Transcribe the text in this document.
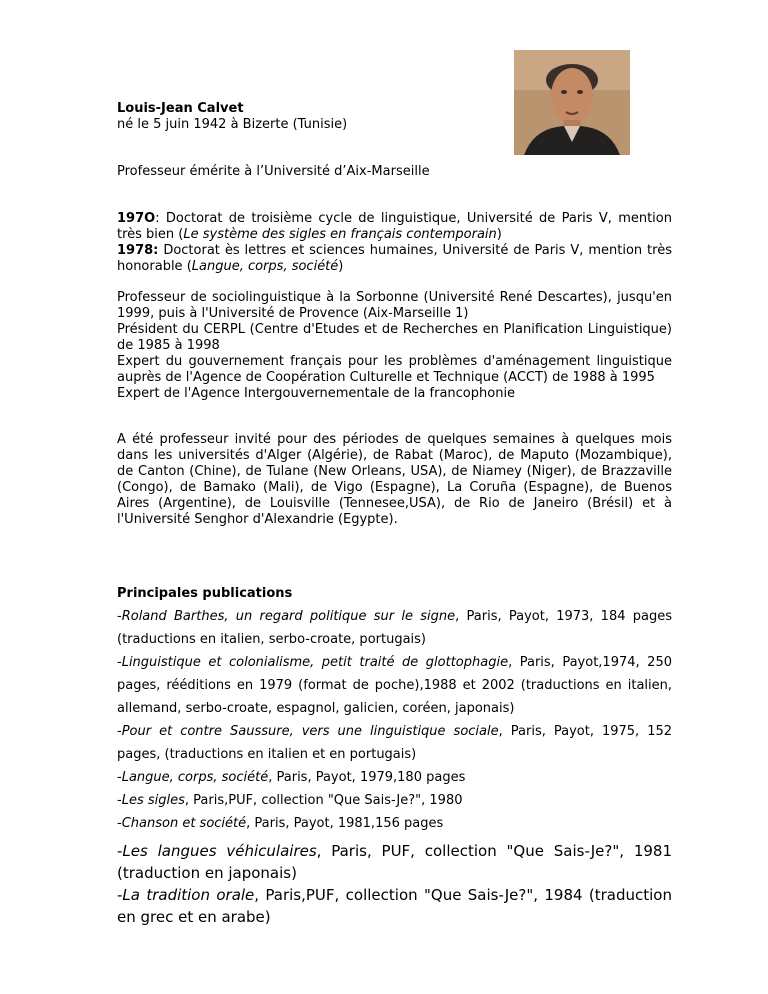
Louis-Jean Calvet
né le 5 juin 1942 à Bizerte (Tunisie)
Professeur émérite à l’Université d’Aix-Marseille

197O: Doctorat de troisième cycle de linguistique, Université de Paris V, mention très bien (Le système des sigles en français contemporain)

1978: Doctorat ès lettres et sciences humaines, Université de Paris V, mention très honorable (Langue, corps, société)

Professeur de sociolinguistique à la Sorbonne (Université René Descartes), jusqu'en 1999, puis à l'Université de Provence (Aix-Marseille 1)

Président du CERPL (Centre d'Etudes et de Recherches en Planification Linguistique) de 1985 à 1998

Expert du gouvernement français pour les problèmes d'aménagement linguistique auprès de l'Agence de Coopération Culturelle et Technique (ACCT) de 1988 à 1995

Expert de l'Agence Intergouvernementale de la francophonie

A été professeur invité pour des périodes de quelques semaines à quelques mois dans les universités d'Alger (Algérie), de Rabat (Maroc), de Maputo (Mozambique), de Canton (Chine), de Tulane (New Orleans, USA), de Niamey (Niger), de Brazzaville (Congo), de Bamako (Mali), de Vigo (Espagne), La Coruña (Espagne), de Buenos Aires (Argentine), de Louisville (Tennesee,USA), de Rio de Janeiro (Brésil) et à l'Université Senghor d'Alexandrie (Egypte).

Principales publications

-Roland Barthes, un regard politique sur le signe, Paris, Payot, 1973, 184 pages (traductions en italien, serbo-croate, portugais)

-Linguistique et colonialisme, petit traité de glottophagie, Paris, Payot,1974, 250 pages, rééditions en 1979 (format de poche),1988 et 2002 (traductions en italien, allemand, serbo-croate, espagnol, galicien, coréen, japonais)

-Pour et contre Saussure, vers une linguistique sociale, Paris, Payot, 1975, 152 pages, (traductions en italien et en portugais)

-Langue, corps, société, Paris, Payot, 1979,180 pages

-Les sigles, Paris,PUF, collection "Que Sais-Je?", 1980

-Chanson et société, Paris, Payot, 1981,156 pages

-Les langues véhiculaires, Paris, PUF, collection "Que Sais-Je?", 1981 (traduction en japonais)

-La tradition orale, Paris,PUF, collection "Que Sais-Je?", 1984 (traduction en grec et en arabe)
